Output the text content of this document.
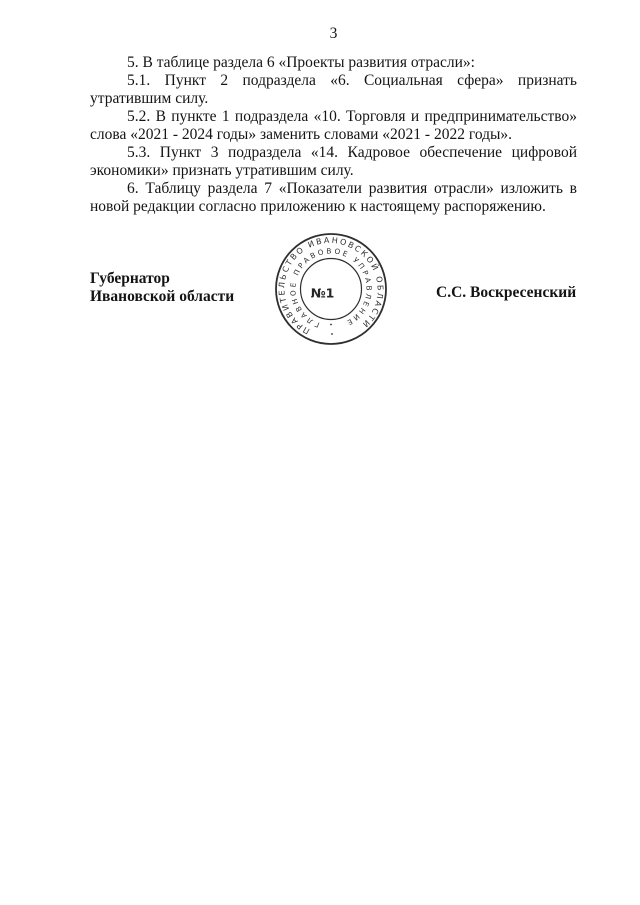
3
5. В таблице раздела 6 «Проекты развития отрасли»:
5.1. Пункт 2 подраздела «6. Социальная сфера» признать
утратившим силу.
5.2. В пункте 1 подраздела «10. Торговля и предпринимательство»
слова «2021 - 2024 годы» заменить словами «2021 - 2022 годы».
5.3. Пункт 3 подраздела «14. Кадровое обеспечение цифровой
экономики» признать утратившим силу.
6. Таблицу раздела 7 «Показатели развития отрасли» изложить в
новой редакции согласно приложению к настоящему распоряжению.
Губернатор
Ивановской области	С.С. Воскресенский
ПРАВИТЕЛЬСТВО ИВАНОВСКОЙ ОБЛАСТИ
ГЛАВНОЕ ПРАВОВОЕ УПРАВЛЕНИЕ
№1
